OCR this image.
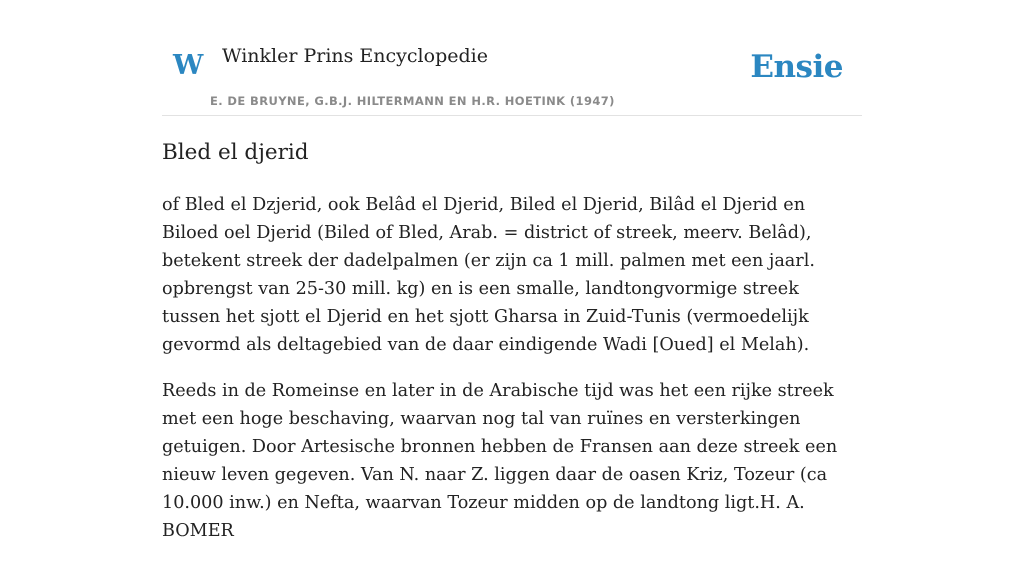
W Winkler Prins Encyclopedie
E. DE BRUYNE, G.B.J. HILTERMANN EN H.R. HOETINK (1947)
Ensie
Bled el djerid

of Bled el Dzjerid, ook Belâd el Djerid, Biled el Djerid, Bilâd el Djerid en Biloed oel Djerid (Biled of Bled, Arab. = district of streek, meerv. Belâd), betekent streek der dadelpalmen (er zijn ca 1 mill. palmen met een jaarl. opbrengst van 25-30 mill. kg) en is een smalle, landtongvormige streek tussen het sjott el Djerid en het sjott Gharsa in Zuid-Tunis (vermoedelijk gevormd als deltagebied van de daar eindigende Wadi [Oued] el Melah).

Reeds in de Romeinse en later in de Arabische tijd was het een rijke streek met een hoge beschaving, waarvan nog tal van ruïnes en versterkingen getuigen. Door Artesische bronnen hebben de Fransen aan deze streek een nieuw leven gegeven. Van N. naar Z. liggen daar de oasen Kriz, Tozeur (ca 10.000 inw.) en Nefta, waarvan Tozeur midden op de landtong ligt.H. A. BOMER
